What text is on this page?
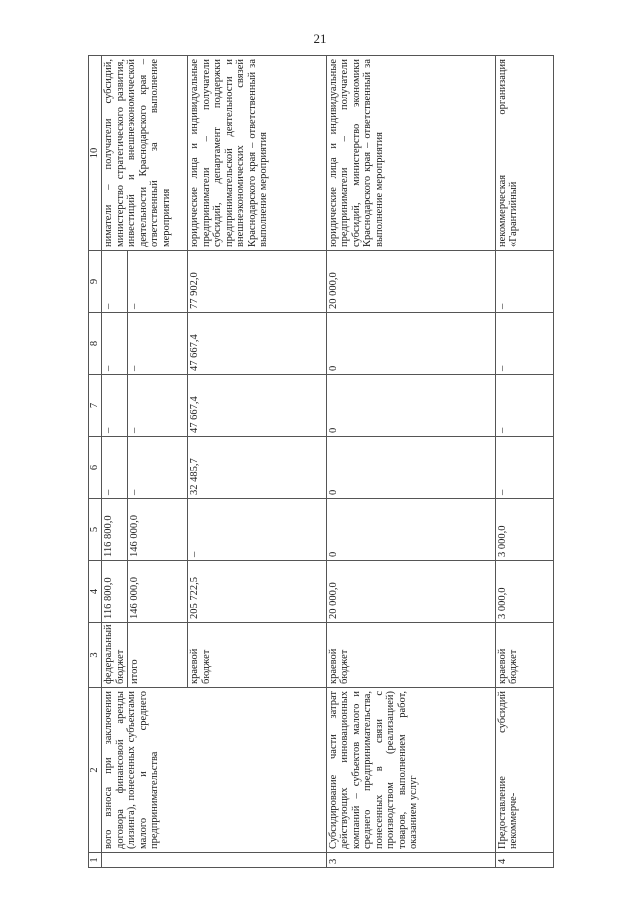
21
1	2	3	4	5	6	7	8	9	10
	вого взноса при заключении договора финансовой аренды (лизинга), понесенных субъектами малого и среднего предпринимательства	федеральный бюджет	116 800,0	116 800,0	–	–	–	–	ниматели – получатели субсидий, министерство стратегического развития, инвестиций и внешнеэкономической деятельности Краснодарского края – ответственный за выполнение мероприятия
		итого	146 000,0	146 000,0	–	–	–	–	
		краевой бюджет	205 722,5	–	32 485,7	47 667,4	47 667,4	77 902,0	юридические лица и индивидуальные предприниматели – получатели субсидий, департамент поддержки предпринимательской деятельности и внешнеэкономических связей Краснодарского края – ответственный за выполнение мероприятия
3	Субсидирование части затрат действующих инновационных компаний – субъектов малого и среднего предпринимательства, понесенных в связи с производством (реализацией) товаров, выполнением работ, оказанием услуг	краевой бюджет	20 000,0	0	0	0	0	20 000,0	юридические лица и индивидуальные предприниматели – получатели субсидий, министерство экономики Краснодарского края – ответственный за выполнение мероприятия
4	Предоставление субсидий некоммерче-	краевой бюджет	3 000,0	3 000,0	–	–	–	–	некоммерческая организация «Гарантийный
